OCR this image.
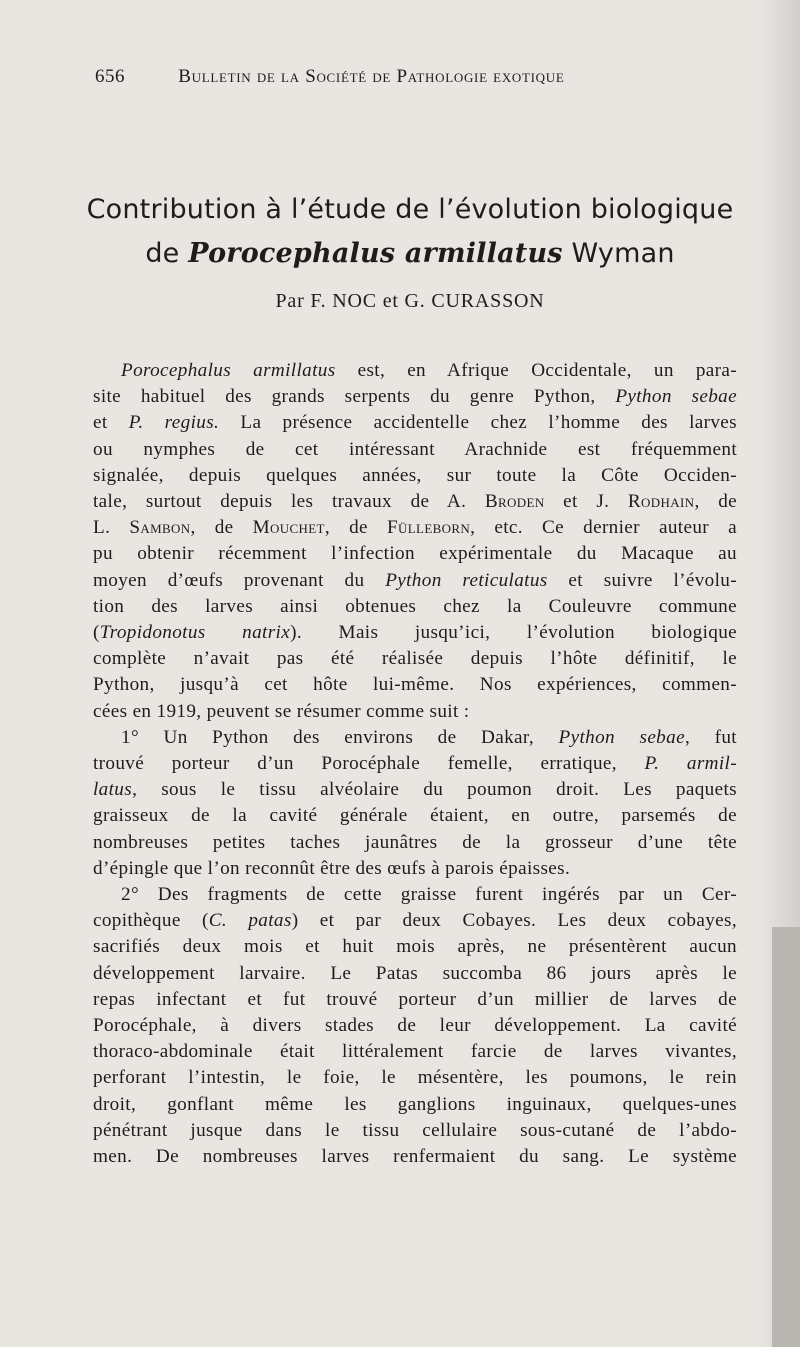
656	Bulletin de la Société de Pathologie exotique
Contribution à l’étude de l’évolution biologique
de Porocephalus armillatus Wyman
Par F. NOC et G. CURASSON
Porocephalus armillatus est, en Afrique Occidentale, un para-
site habituel des grands serpents du genre Python, Python sebae
et P. regius. La présence accidentelle chez l’homme des larves
ou nymphes de cet intéressant Arachnide est fréquemment
signalée, depuis quelques années, sur toute la Côte Occiden-
tale, surtout depuis les travaux de A. Broden et J. Rodhain, de
L. Sambon, de Mouchet, de Fülleborn, etc. Ce dernier auteur a
pu obtenir récemment l’infection expérimentale du Macaque au
moyen d’œufs provenant du Python reticulatus et suivre l’évolu-
tion des larves ainsi obtenues chez la Couleuvre commune
(Tropidonotus natrix). Mais jusqu’ici, l’évolution biologique
complète n’avait pas été réalisée depuis l’hôte définitif, le
Python, jusqu’à cet hôte lui-même. Nos expériences, commen-
cées en 1919, peuvent se résumer comme suit :
1° Un Python des environs de Dakar, Python sebae, fut
trouvé porteur d’un Porocéphale femelle, erratique, P. armil-
latus, sous le tissu alvéolaire du poumon droit. Les paquets
graisseux de la cavité générale étaient, en outre, parsemés de
nombreuses petites taches jaunâtres de la grosseur d’une tête
d’épingle que l’on reconnût être des œufs à parois épaisses.
2° Des fragments de cette graisse furent ingérés par un Cer-
copithèque (C. patas) et par deux Cobayes. Les deux cobayes,
sacrifiés deux mois et huit mois après, ne présentèrent aucun
développement larvaire. Le Patas succomba 86 jours après le
repas infectant et fut trouvé porteur d’un millier de larves de
Porocéphale, à divers stades de leur développement. La cavité
thoraco-abdominale était littéralement farcie de larves vivantes,
perforant l’intestin, le foie, le mésentère, les poumons, le rein
droit, gonflant même les ganglions inguinaux, quelques-unes
pénétrant jusque dans le tissu cellulaire sous-cutané de l’abdo-
men. De nombreuses larves renfermaient du sang. Le système
